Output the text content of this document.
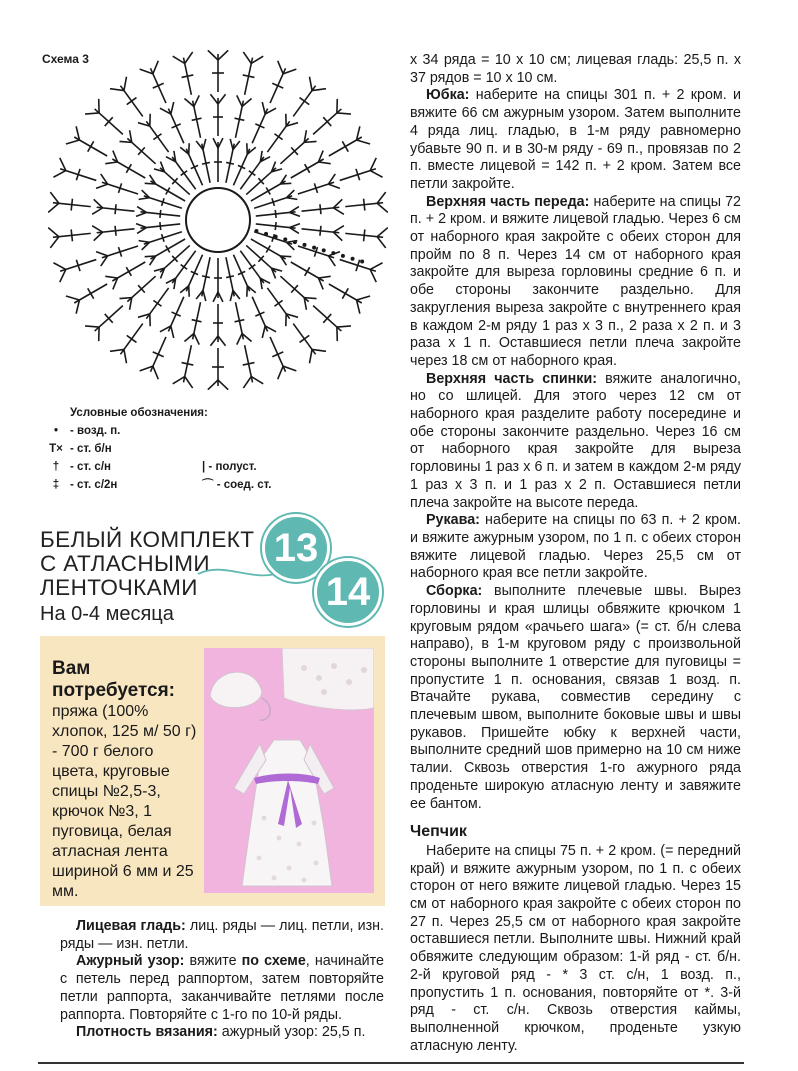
Схема 3
Условные обозначения:
• - возд. п.
T× - ст. б/н
† - ст. с/н	| - полуст.
‡ - ст. с/2н	⌒ - соед. ст.
БЕЛЫЙ КОМПЛЕКТ
С АТЛАСНЫМИ
ЛЕНТОЧКАМИ
На 0-4 месяца
13
14
Вам
потребуется:
пряжа (100% хлопок, 125 м/ 50 г) - 700 г белого цвета, круговые спицы №2,5-3, крючок №3, 1 пуговица, белая атласная лента шириной 6 мм и 25 мм.
Лицевая гладь: лиц. ряды — лиц. петли, изн. ряды — изн. петли.
Ажурный узор: вяжите по схеме, начинайте с петель перед раппортом, затем повторяйте петли раппорта, заканчивайте петлями после раппорта. Повторяйте с 1-го по 10-й ряды.
Плотность вязания: ажурный узор: 25,5 п.
х 34 ряда = 10 х 10 см; лицевая гладь: 25,5 п. х 37 рядов = 10 х 10 см.
Юбка: наберите на спицы 301 п. + 2 кром. и вяжите 66 см ажурным узором. Затем выполните 4 ряда лиц. гладью, в 1-м ряду равномерно убавьте 90 п. и в 30-м ряду - 69 п., провязав по 2 п. вместе лицевой = 142 п. + 2 кром. Затем все петли закройте.
Верхняя часть переда: наберите на спицы 72 п. + 2 кром. и вяжите лицевой гладью. Через 6 см от наборного края закройте с обеих сторон для пройм по 8 п. Через 14 см от наборного края закройте для выреза горловины средние 6 п. и обе стороны закончите раздельно. Для закругления выреза закройте с внутреннего края в каждом 2-м ряду 1 раз х 3 п., 2 раза х 2 п. и 3 раза х 1 п. Оставшиеся петли плеча закройте через 18 см от наборного края.
Верхняя часть спинки: вяжите аналогично, но со шлицей. Для этого через 12 см от наборного края разделите работу посередине и обе стороны закончите раздельно. Через 16 см от наборного края закройте для выреза горловины 1 раз х 6 п. и затем в каждом 2-м ряду 1 раз х 3 п. и 1 раз х 2 п. Оставшиеся петли плеча закройте на высоте переда.
Рукава: наберите на спицы по 63 п. + 2 кром. и вяжите ажурным узором, по 1 п. с обеих сторон вяжите лицевой гладью. Через 25,5 см от наборного края все петли закройте.
Сборка: выполните плечевые швы. Вырез горловины и края шлицы обвяжите крючком 1 круговым рядом «рачьего шага» (= ст. б/н слева направо), в 1-м круговом ряду с произвольной стороны выполните 1 отверстие для пуговицы = пропустите 1 п. основания, связав 1 возд. п. Втачайте рукава, совместив середину с плечевым швом, выполните боковые швы и швы рукавов. Пришейте юбку к верхней части, выполните средний шов примерно на 10 см ниже талии. Сквозь отверстия 1-го ажурного ряда проденьте широкую атласную ленту и завяжите ее бантом.
Чепчик
Наберите на спицы 75 п. + 2 кром. (= передний край) и вяжите ажурным узором, по 1 п. с обеих сторон от него вяжите лицевой гладью. Через 15 см от наборного края закройте с обеих сторон по 27 п. Через 25,5 см от наборного края закройте оставшиеся петли. Выполните швы. Нижний край обвяжите следующим образом: 1-й ряд - ст. б/н. 2-й круговой ряд - * 3 ст. с/н, 1 возд. п., пропустить 1 п. основания, повторяйте от *. 3-й ряд - ст. с/н. Сквозь отверстия каймы, выполненной крючком, проденьте узкую атласную ленту.
